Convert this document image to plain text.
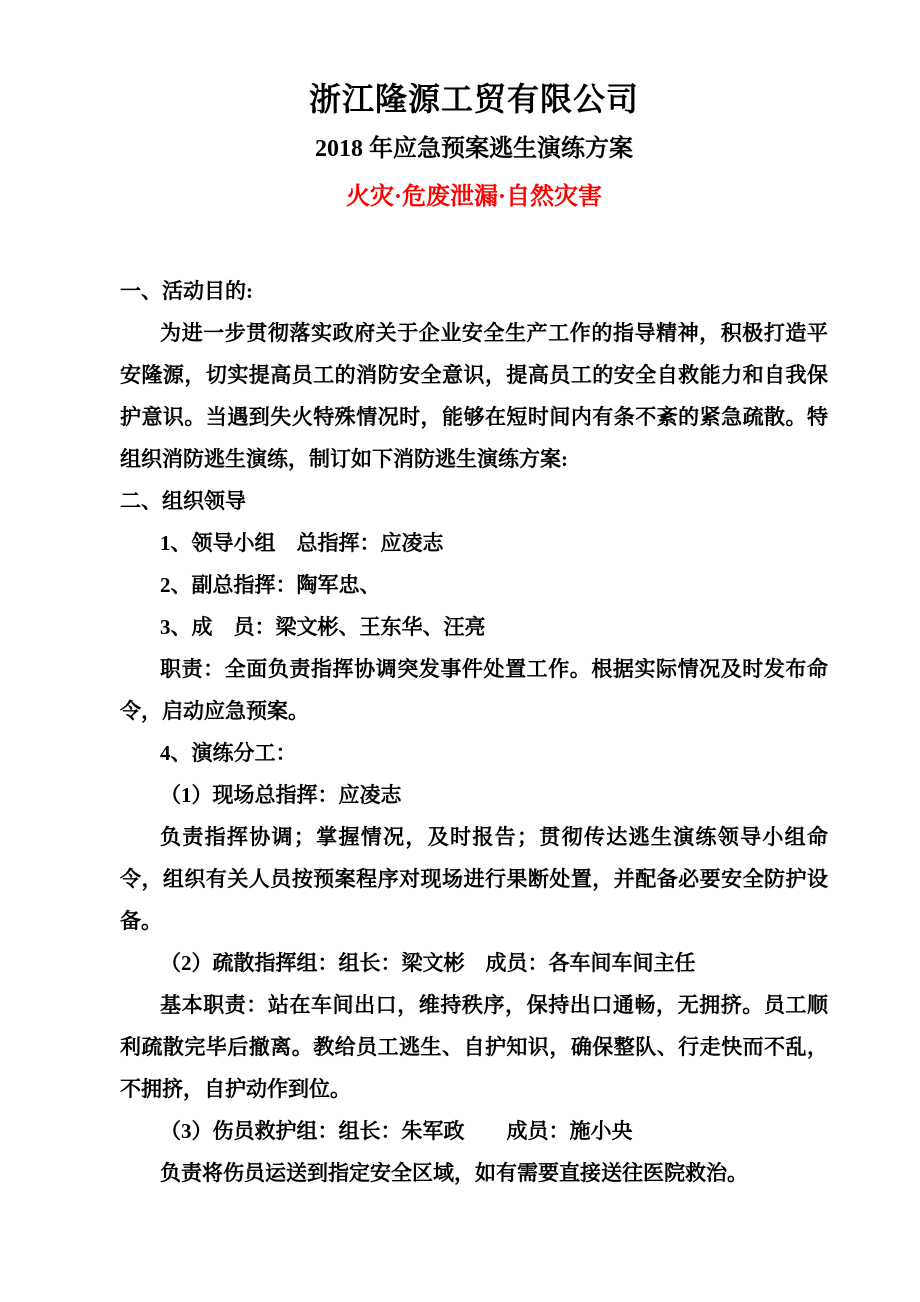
浙江隆源工贸有限公司
2018 年应急预案逃生演练方案
火灾·危废泄漏·自然灾害

一、活动目的:

为进一步贯彻落实政府关于企业安全生产工作的指导精神，积极打造平安隆源，切实提高员工的消防安全意识，提高员工的安全自救能力和自我保护意识。当遇到失火特殊情况时，能够在短时间内有条不紊的紧急疏散。特组织消防逃生演练，制订如下消防逃生演练方案:

二、组织领导

1、领导小组　总指挥：应凌志

2、副总指挥：陶军忠、

3、成　员：梁文彬、王东华、汪亮

职责：全面负责指挥协调突发事件处置工作。根据实际情况及时发布命令，启动应急预案。

4、演练分工：

（1）现场总指挥：应凌志

负责指挥协调；掌握情况，及时报告；贯彻传达逃生演练领导小组命令，组织有关人员按预案程序对现场进行果断处置，并配备必要安全防护设备。

（2）疏散指挥组：组长：梁文彬　成员：各车间车间主任

基本职责：站在车间出口，维持秩序，保持出口通畅，无拥挤。员工顺利疏散完毕后撤离。教给员工逃生、自护知识，确保整队、行走快而不乱，不拥挤，自护动作到位。

（3）伤员救护组：组长：朱军政　　成员：施小央

负责将伤员运送到指定安全区域，如有需要直接送往医院救治。
